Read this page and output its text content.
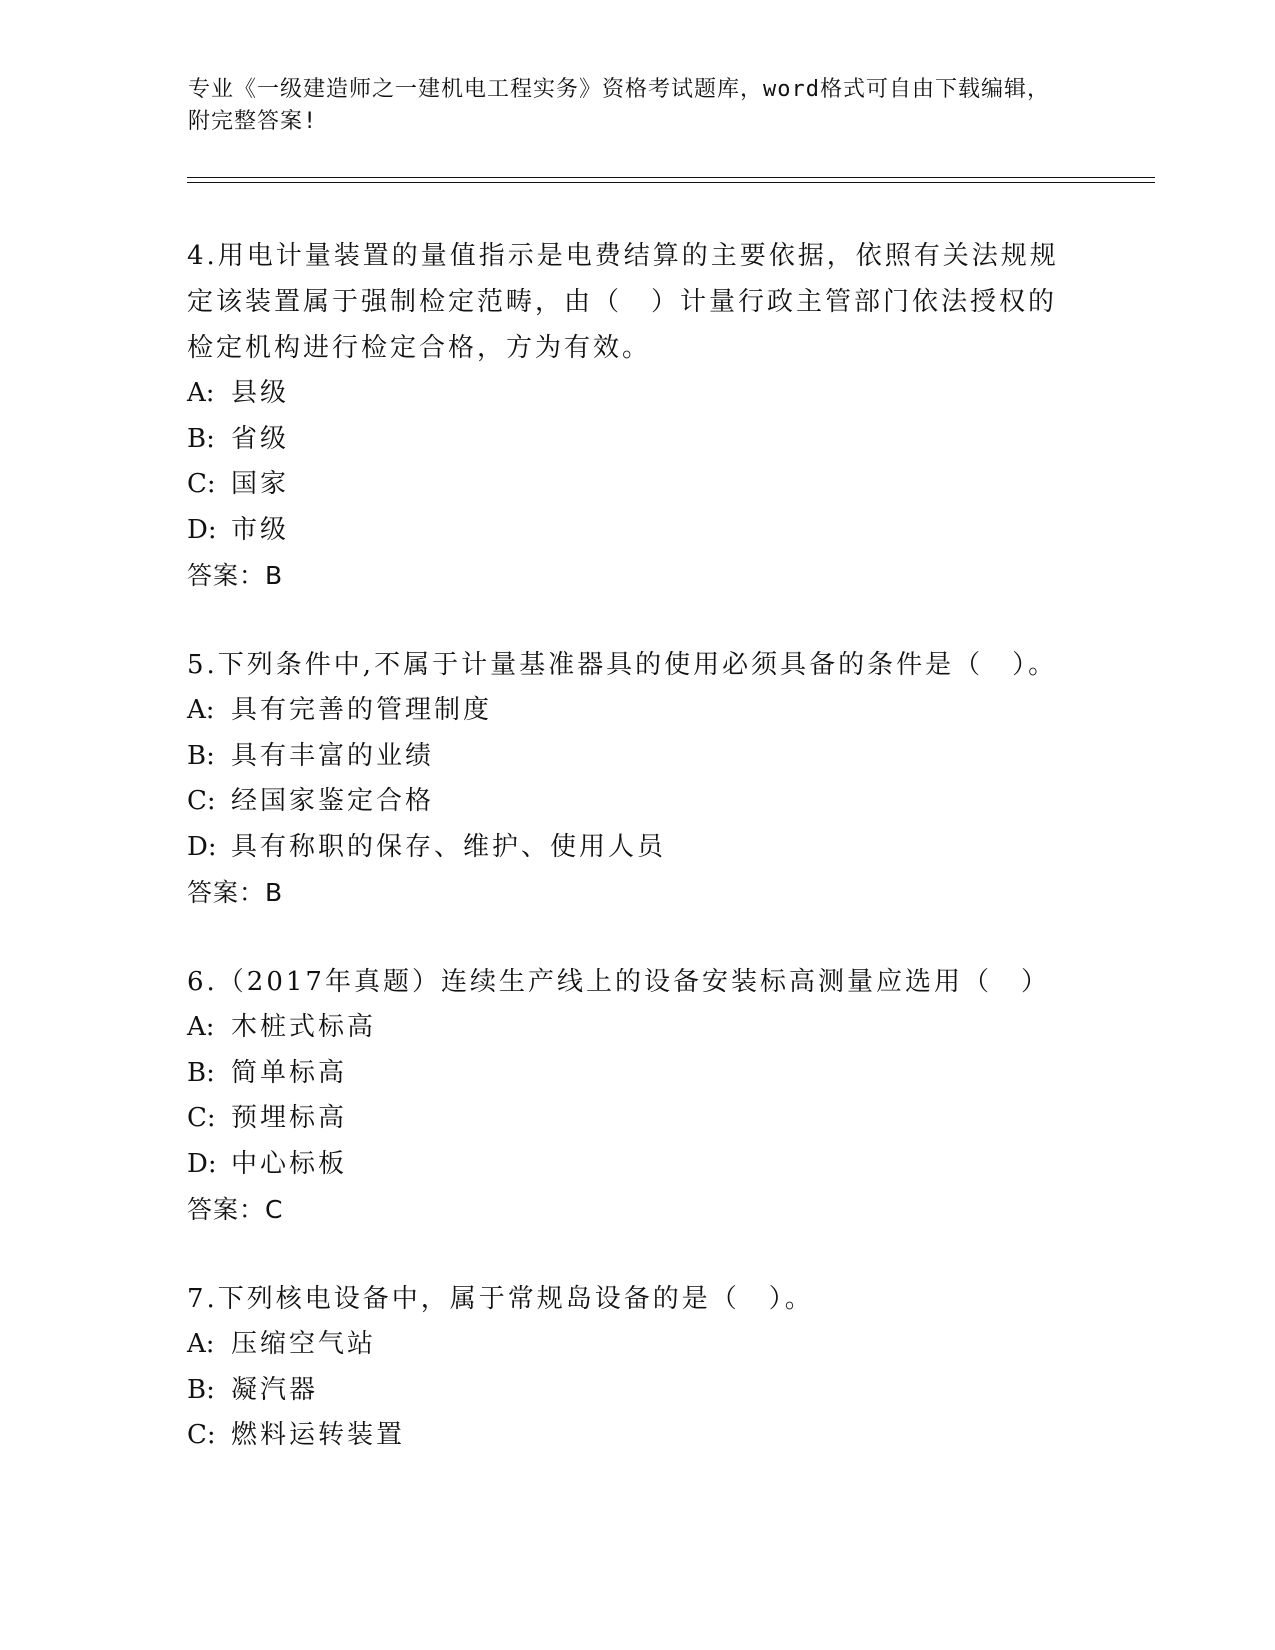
专业《一级建造师之一建机电工程实务》资格考试题库，word格式可自由下载编辑，附完整答案!

4.用电计量装置的量值指示是电费结算的主要依据，依照有关法规规定该装置属于强制检定范畴，由（　）计量行政主管部门依法授权的检定机构进行检定合格，方为有效。

A: 县级

B: 省级

C: 国家

D: 市级

答案：B

5.下列条件中,不属于计量基准器具的使用必须具备的条件是（　）。

A: 具有完善的管理制度

B: 具有丰富的业绩

C: 经国家鉴定合格

D: 具有称职的保存、维护、使用人员

答案：B

6.（2017年真题）连续生产线上的设备安装标高测量应选用（　）

A: 木桩式标高

B: 简单标高

C: 预埋标高

D: 中心标板

答案：C

7.下列核电设备中，属于常规岛设备的是（　）。

A: 压缩空气站

B: 凝汽器

C: 燃料运转装置
